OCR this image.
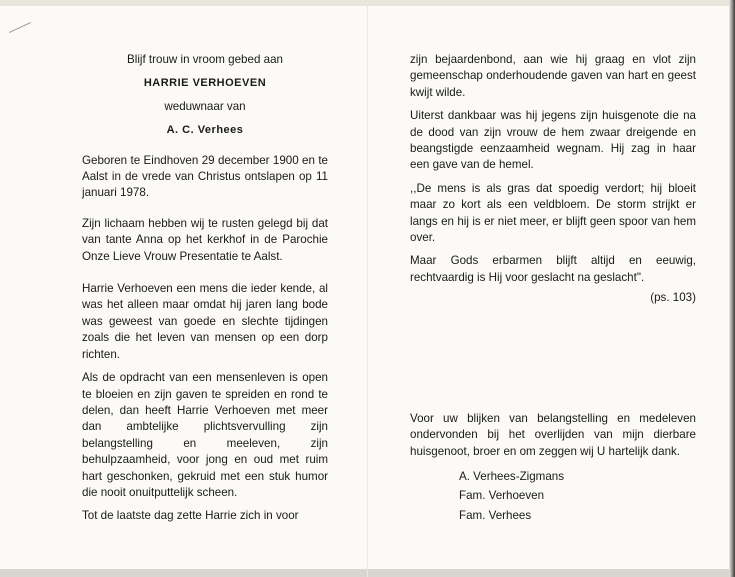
Blijf trouw in vroom gebed aan

HARRIE VERHOEVEN

weduwnaar van

A. C. Verhees

Geboren te Eindhoven 29 december 1900 en te Aalst in de vrede van Christus ontslapen op 11 januari 1978.

Zijn lichaam hebben wij te rusten gelegd bij dat van tante Anna op het kerkhof in de Parochie Onze Lieve Vrouw Presentatie te Aalst.

Harrie Verhoeven een mens die ieder kende, al was het alleen maar omdat hij jaren lang bode was geweest van goede en slechte tijdingen zoals die het leven van mensen op een dorp richten.

Als de opdracht van een mensenleven is open te bloeien en zijn gaven te spreiden en rond te delen, dan heeft Harrie Verhoeven met meer dan ambtelijke plichtsvervulling zijn belangstelling en meeleven, zijn behulpzaamheid, voor jong en oud met ruim hart geschonken, gekruid met een stuk humor die nooit onuitputtelijk scheen.

Tot de laatste dag zette Harrie zich in voor

zijn bejaardenbond, aan wie hij graag en vlot zijn gemeenschap onderhoudende gaven van hart en geest kwijt wilde.

Uiterst dankbaar was hij jegens zijn huisgenote die na de dood van zijn vrouw de hem zwaar dreigende en beangstigde eenzaamheid wegnam. Hij zag in haar een gave van de hemel.

,,De mens is als gras dat spoedig verdort; hij bloeit maar zo kort als een veldbloem. De storm strijkt er langs en hij is er niet meer, er blijft geen spoor van hem over.

Maar Gods erbarmen blijft altijd en eeuwig, rechtvaardig is Hij voor geslacht na geslacht".

(ps. 103)

Voor uw blijken van belangstelling en medeleven ondervonden bij het overlijden van mijn dierbare huisgenoot, broer en om zeggen wij U hartelijk dank.

A. Verhees-Zigmans

Fam. Verhoeven

Fam. Verhees
